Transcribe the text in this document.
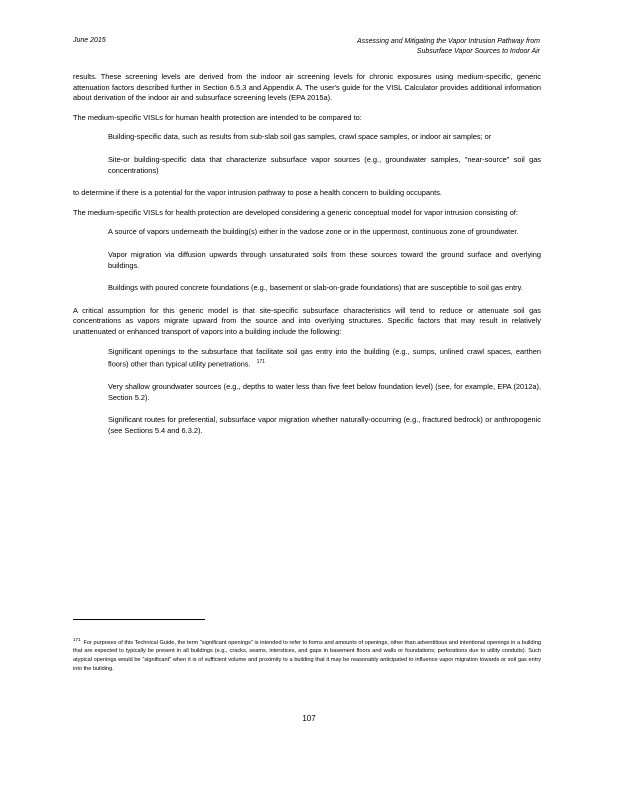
June 2015	Assessing and Mitigating the Vapor Intrusion Pathway from
Subsurface Vapor Sources to Indoor Air

results. These screening levels are derived from the indoor air screening levels for chronic exposures using medium-specific, generic attenuation factors described further in Section 6.5.3 and Appendix A. The user's guide for the VISL Calculator provides additional information about derivation of the indoor air and subsurface screening levels (EPA 2015a).

The medium-specific VISLs for human health protection are intended to be compared to:

Building-specific data, such as results from sub-slab soil gas samples, crawl space samples, or indoor air samples; or
Site-or building-specific data that characterize subsurface vapor sources (e.g., groundwater samples, "near-source" soil gas concentrations)

to determine if there is a potential for the vapor intrusion pathway to pose a health concern to building occupants.

The medium-specific VISLs for health protection are developed considering a generic conceptual model for vapor intrusion consisting of:

A source of vapors underneath the building(s) either in the vadose zone or in the uppermost, continuous zone of groundwater.
Vapor migration via diffusion upwards through unsaturated soils from these sources toward the ground surface and overlying buildings.
Buildings with poured concrete foundations (e.g., basement or slab-on-grade foundations) that are susceptible to soil gas entry.

A critical assumption for this generic model is that site-specific subsurface characteristics will tend to reduce or attenuate soil gas concentrations as vapors migrate upward from the source and into overlying structures. Specific factors that may result in relatively unattenuated or enhanced transport of vapors into a building include the following:

Significant openings to the subsurface that facilitate soil gas entry into the building (e.g., sumps, unlined crawl spaces, earthen floors) other than typical utility penetrations. $^{171}$
Very shallow groundwater sources (e.g., depths to water less than five feet below foundation level) (see, for example, EPA (2012a), Section 5.2).
Significant routes for preferential, subsurface vapor migration whether naturally-occurring (e.g., fractured bedrock) or anthropogenic (see Sections 5.4 and 6.3.2).
$^{171}$For purposes of this Technical Guide, the term "significant openings" is intended to refer to forms and amounts of openings, other than adventitious and intentional openings in a building that are expected to typically be present in all buildings (e.g., cracks, seams, interstices, and gaps in basement floors and walls or foundations; perforations due to utility conduits). Such atypical openings would be "significant" when it is of sufficient volume and proximity to a building that it may be reasonably anticipated to influence vapor migration towards or soil gas entry into the building.
107
